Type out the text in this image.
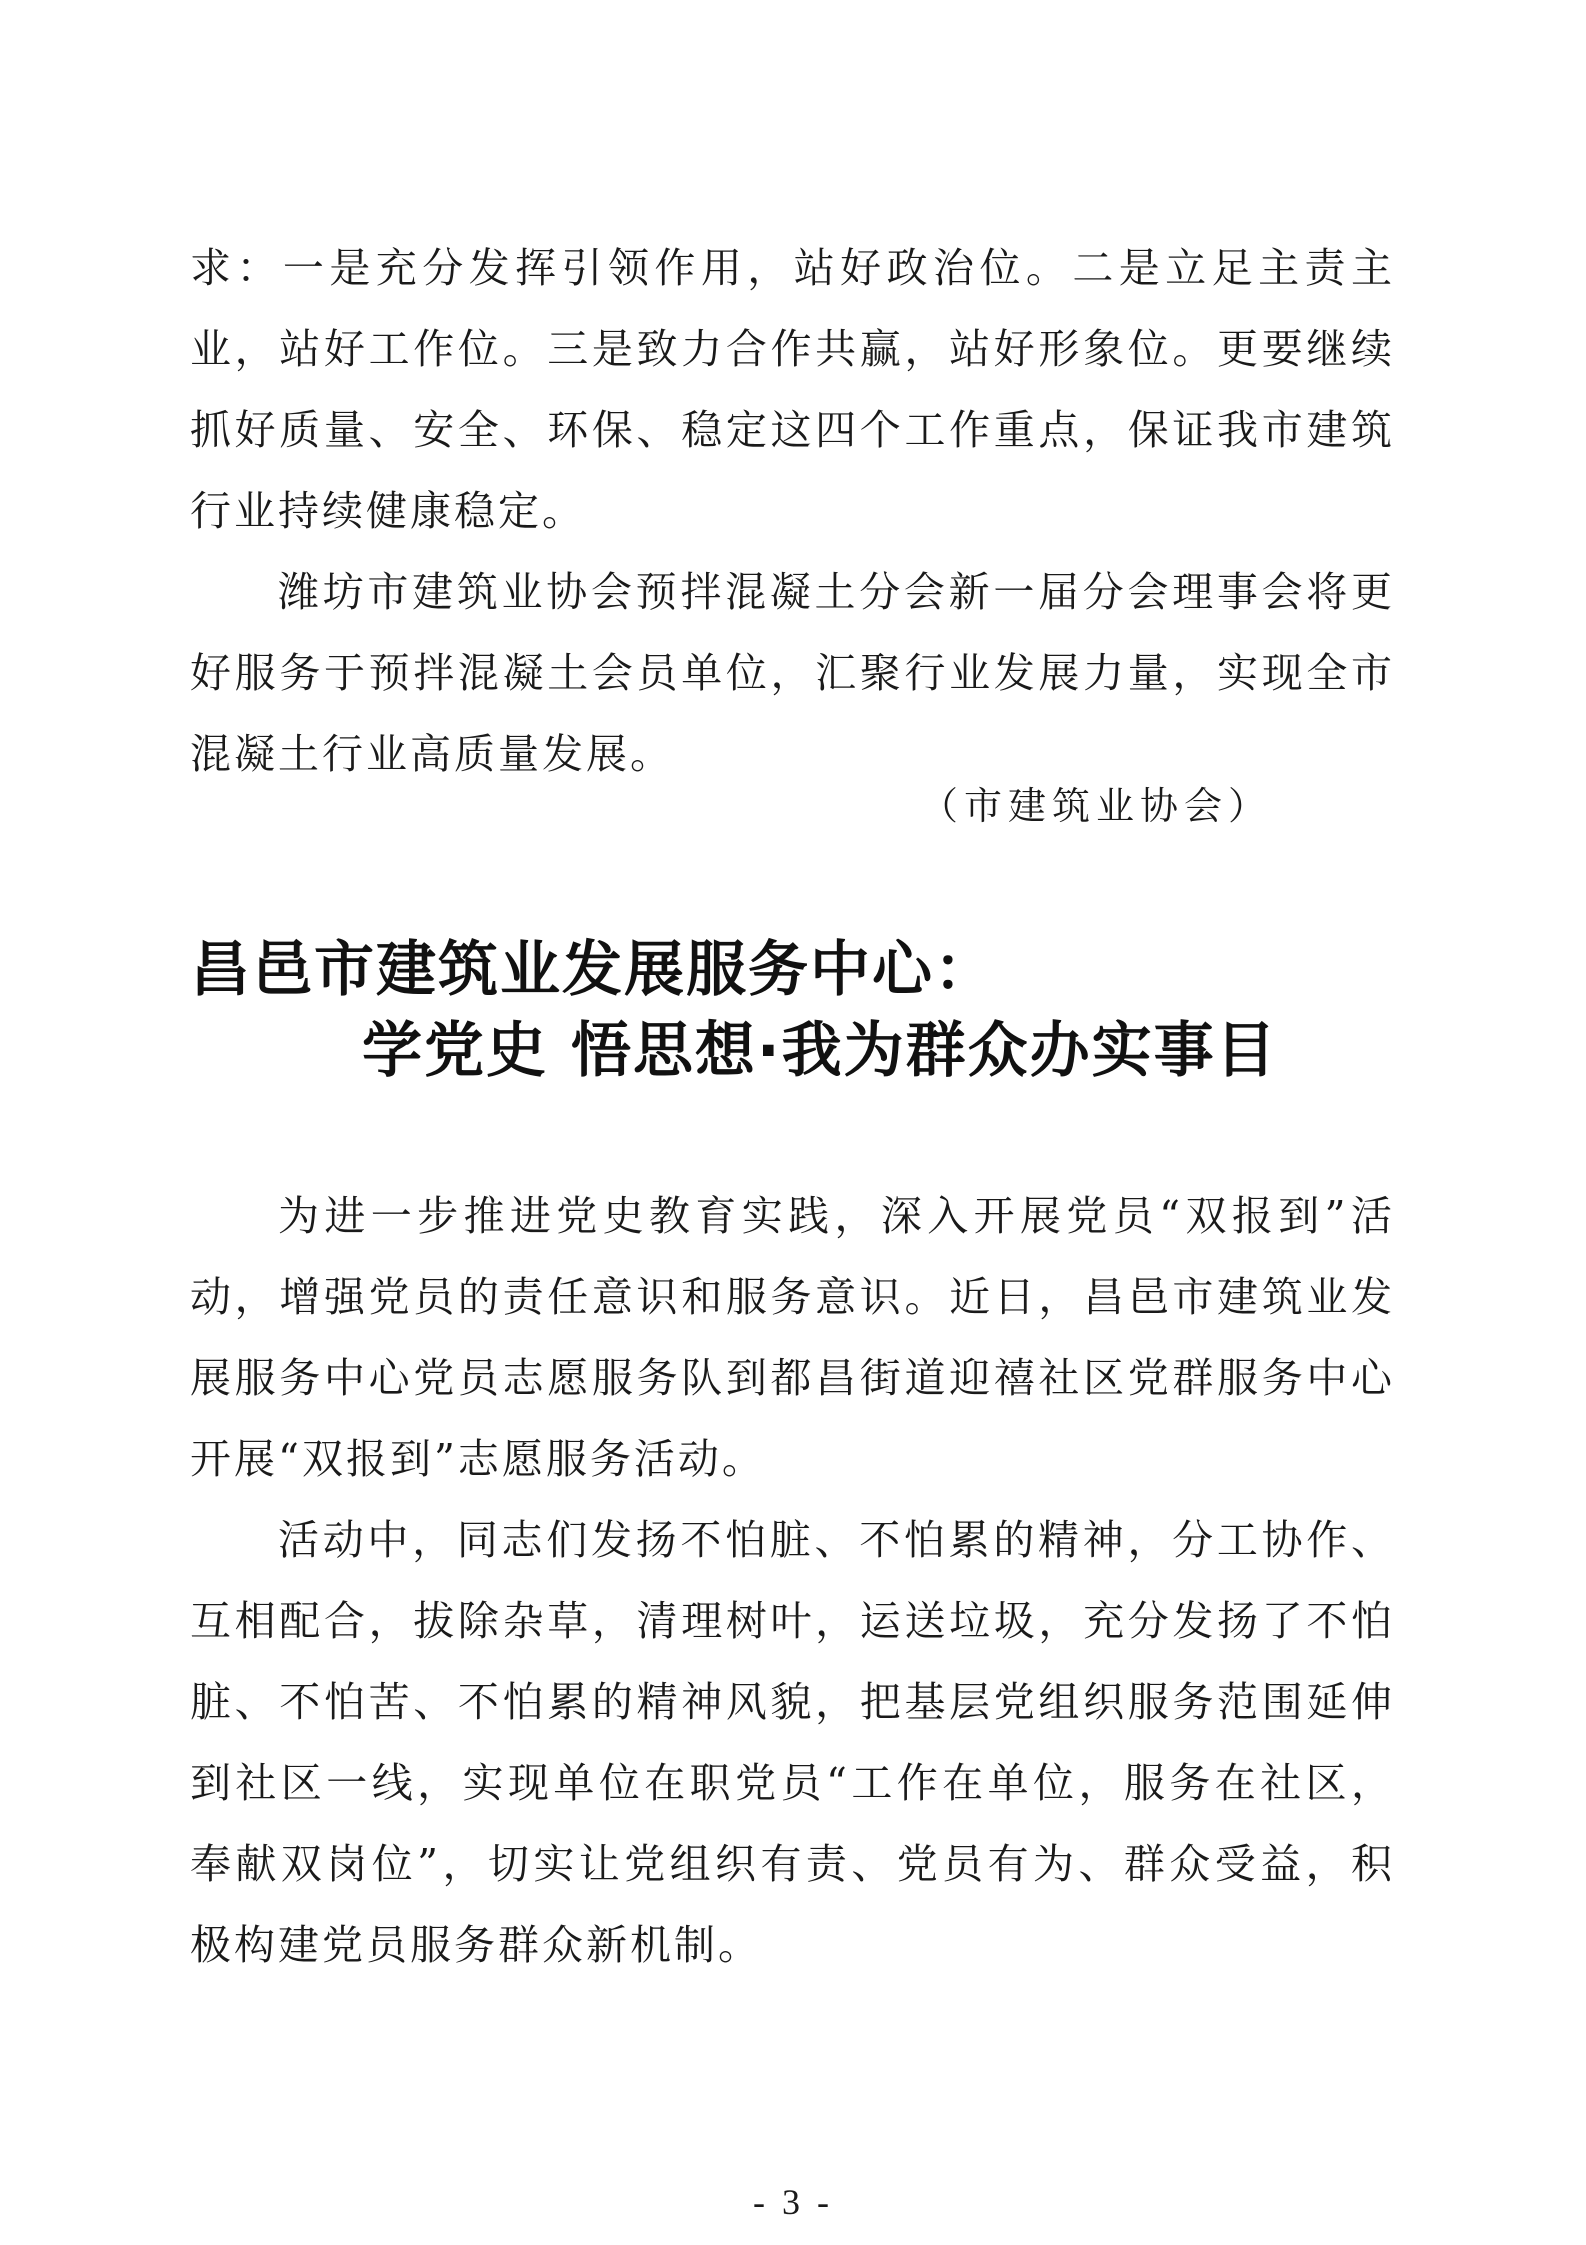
求：一是充分发挥引领作用，站好政治位。二是立足主责主业，站好工作位。三是致力合作共赢，站好形象位。更要继续抓好质量、安全、环保、稳定这四个工作重点，保证我市建筑行业持续健康稳定。

潍坊市建筑业协会预拌混凝土分会新一届分会理事会将更好服务于预拌混凝土会员单位，汇聚行业发展力量，实现全市混凝土行业高质量发展。

（市建筑业协会）
昌邑市建筑业发展服务中心：
学党史 悟思想·我为群众办实事目

为进一步推进党史教育实践，深入开展党员“双报到”活动，增强党员的责任意识和服务意识。近日，昌邑市建筑业发展服务中心党员志愿服务队到都昌街道迎禧社区党群服务中心开展“双报到”志愿服务活动。

活动中，同志们发扬不怕脏、不怕累的精神，分工协作、互相配合，拔除杂草，清理树叶，运送垃圾，充分发扬了不怕脏、不怕苦、不怕累的精神风貌，把基层党组织服务范围延伸到社区一线，实现单位在职党员“工作在单位，服务在社区，奉献双岗位”，切实让党组织有责、党员有为、群众受益，积极构建党员服务群众新机制。

- 3 -
